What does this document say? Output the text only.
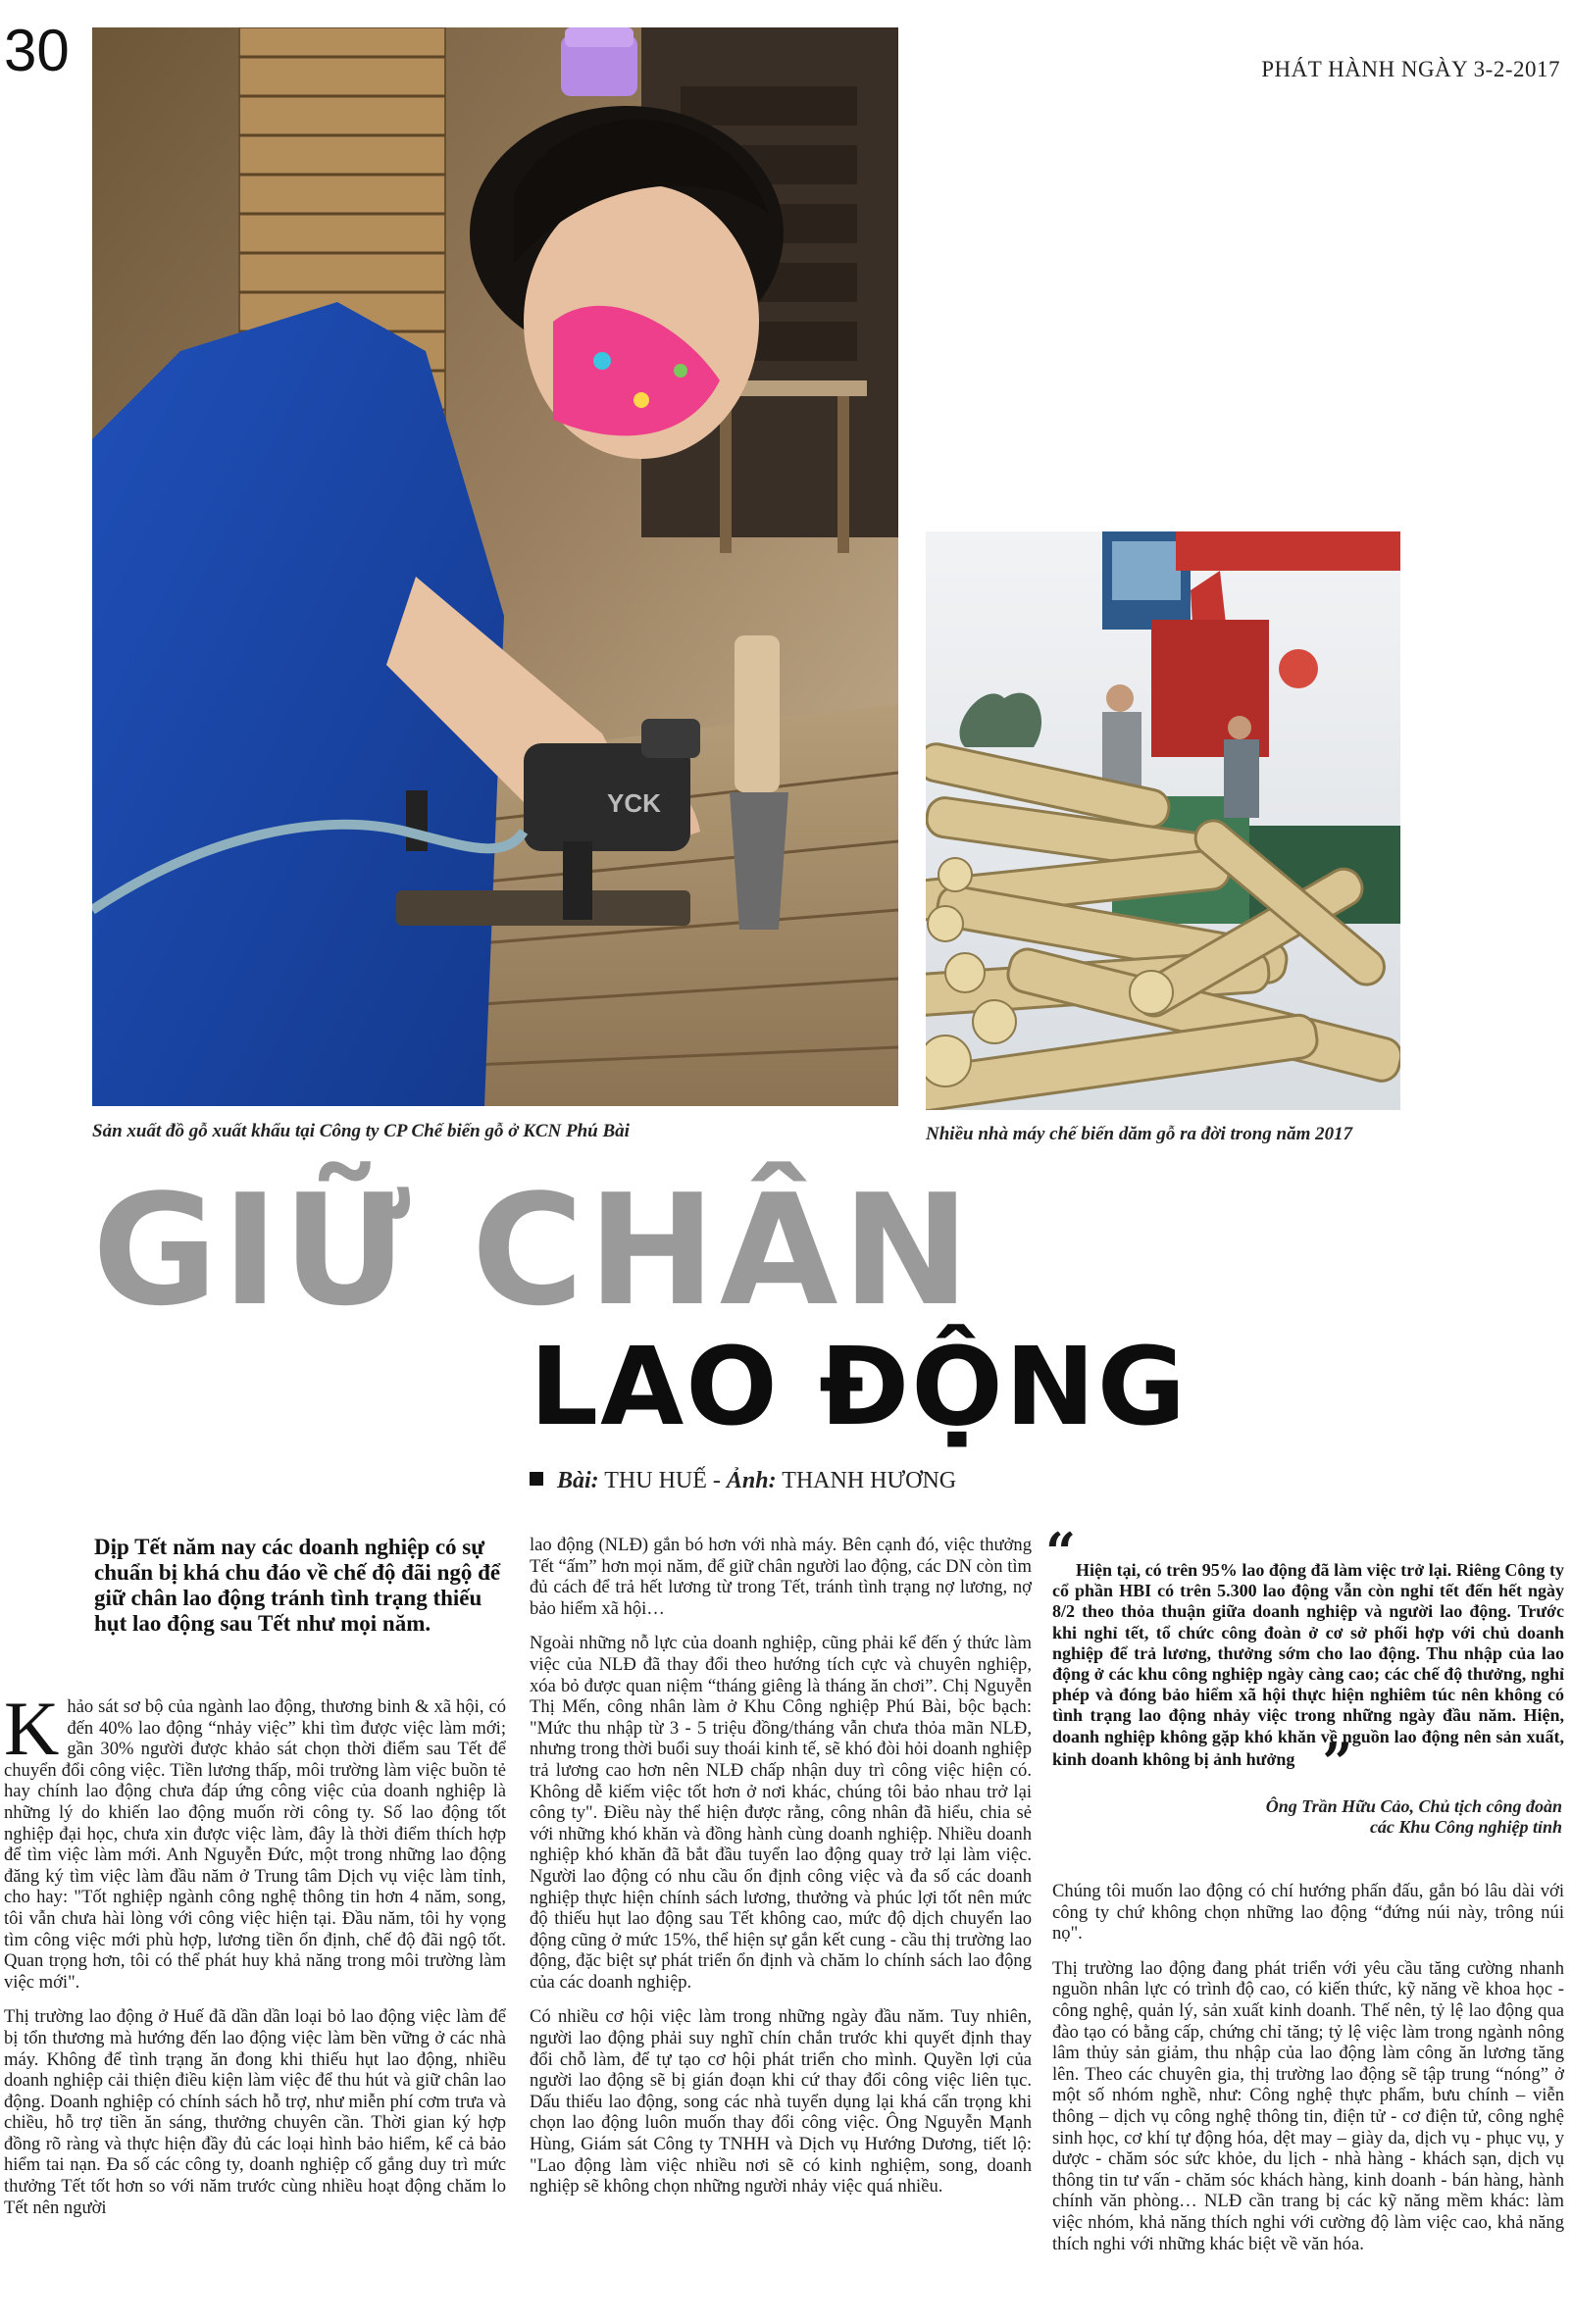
30	PHÁT HÀNH NGÀY 3-2-2017
YCK
Sản xuất đồ gỗ xuất khẩu tại Công ty CP Chế biến gỗ ở KCN Phú Bài	Nhiều nhà máy chế biến dăm gỗ ra đời trong năm 2017
GIỮ CHÂN
LAO ĐỘNG
Bài: THU HUẾ - Ảnh: THANH HƯƠNG
Dịp Tết năm nay các doanh nghiệp có sự chuẩn bị khá chu đáo về chế độ đãi ngộ để giữ chân lao động tránh tình trạng thiếu hụt lao động sau Tết như mọi năm.

Khảo sát sơ bộ của ngành lao động, thương binh & xã hội, có đến 40% lao động “nhảy việc” khi tìm được việc làm mới; gần 30% người được khảo sát chọn thời điểm sau Tết để chuyển đổi công việc. Tiền lương thấp, môi trường làm việc buồn tẻ hay chính lao động chưa đáp ứng công việc của doanh nghiệp là những lý do khiến lao động muốn rời công ty. Số lao động tốt nghiệp đại học, chưa xin được việc làm, đây là thời điểm thích hợp để tìm việc làm mới. Anh Nguyễn Đức, một trong những lao động đăng ký tìm việc làm đầu năm ở Trung tâm Dịch vụ việc làm tỉnh, cho hay: "Tốt nghiệp ngành công nghệ thông tin hơn 4 năm, song, tôi vẫn chưa hài lòng với công việc hiện tại. Đầu năm, tôi hy vọng tìm công việc mới phù hợp, lương tiền ổn định, chế độ đãi ngộ tốt. Quan trọng hơn, tôi có thể phát huy khả năng trong môi trường làm việc mới".

Thị trường lao động ở Huế đã dần dần loại bỏ lao động việc làm để bị tổn thương mà hướng đến lao động việc làm bền vững ở các nhà máy. Không để tình trạng ăn đong khi thiếu hụt lao động, nhiều doanh nghiệp cải thiện điều kiện làm việc để thu hút và giữ chân lao động. Doanh nghiệp có chính sách hỗ trợ, như miễn phí cơm trưa và chiều, hỗ trợ tiền ăn sáng, thưởng chuyên cần. Thời gian ký hợp đồng rõ ràng và thực hiện đầy đủ các loại hình bảo hiểm, kể cả bảo hiểm tai nạn. Đa số các công ty, doanh nghiệp cố gắng duy trì mức thưởng Tết tốt hơn so với năm trước cùng nhiều hoạt động chăm lo Tết nên người

lao động (NLĐ) gắn bó hơn với nhà máy. Bên cạnh đó, việc thưởng Tết “ấm” hơn mọi năm, để giữ chân người lao động, các DN còn tìm đủ cách để trả hết lương từ trong Tết, tránh tình trạng nợ lương, nợ bảo hiểm xã hội…

Ngoài những nỗ lực của doanh nghiệp, cũng phải kể đến ý thức làm việc của NLĐ đã thay đổi theo hướng tích cực và chuyên nghiệp, xóa bỏ được quan niệm “tháng giêng là tháng ăn chơi”. Chị Nguyễn Thị Mến, công nhân làm ở Khu Công nghiệp Phú Bài, bộc bạch: "Mức thu nhập từ 3 - 5 triệu đồng/tháng vẫn chưa thỏa mãn NLĐ, nhưng trong thời buổi suy thoái kinh tế, sẽ khó đòi hỏi doanh nghiệp trả lương cao hơn nên NLĐ chấp nhận duy trì công việc hiện có. Không dễ kiếm việc tốt hơn ở nơi khác, chúng tôi bảo nhau trở lại công ty". Điều này thể hiện được rằng, công nhân đã hiểu, chia sẻ với những khó khăn và đồng hành cùng doanh nghiệp. Nhiều doanh nghiệp khó khăn đã bắt đầu tuyển lao động quay trở lại làm việc. Người lao động có nhu cầu ổn định công việc và đa số các doanh nghiệp thực hiện chính sách lương, thưởng và phúc lợi tốt nên mức độ thiếu hụt lao động sau Tết không cao, mức độ dịch chuyển lao động cũng ở mức 15%, thể hiện sự gắn kết cung - cầu thị trường lao động, đặc biệt sự phát triển ổn định và chăm lo chính sách lao động của các doanh nghiệp.

Có nhiều cơ hội việc làm trong những ngày đầu năm. Tuy nhiên, người lao động phải suy nghĩ chín chắn trước khi quyết định thay đổi chỗ làm, để tự tạo cơ hội phát triển cho mình. Quyền lợi của người lao động sẽ bị gián đoạn khi cứ thay đổi công việc liên tục. Dấu thiếu lao động, song các nhà tuyển dụng lại khá cẩn trọng khi chọn lao động luôn muốn thay đổi công việc. Ông Nguyễn Mạnh Hùng, Giám sát Công ty TNHH và Dịch vụ Hướng Dương, tiết lộ: "Lao động làm việc nhiều nơi sẽ có kinh nghiệm, song, doanh nghiệp sẽ không chọn những người nhảy việc quá nhiều.

“ Hiện tại, có trên 95% lao động đã làm việc trở lại. Riêng Công ty cổ phần HBI có trên 5.300 lao động vẫn còn nghỉ tết đến hết ngày 8/2 theo thỏa thuận giữa doanh nghiệp và người lao động. Trước khi nghỉ tết, tổ chức công đoàn ở cơ sở phối hợp với chủ doanh nghiệp để trả lương, thưởng sớm cho lao động. Thu nhập của lao động ở các khu công nghiệp ngày càng cao; các chế độ thưởng, nghỉ phép và đóng bảo hiểm xã hội thực hiện nghiêm túc nên không có tình trạng lao động nhảy việc trong những ngày đầu năm. Hiện, doanh nghiệp không gặp khó khăn về nguồn lao động nên sản xuất, kinh doanh không bị ảnh hưởng ”
Ông Trần Hữu Cảo, Chủ tịch công đoàn
các Khu Công nghiệp tỉnh

Chúng tôi muốn lao động có chí hướng phấn đấu, gắn bó lâu dài với công ty chứ không chọn những lao động “đứng núi này, trông núi nọ".

Thị trường lao động đang phát triển với yêu cầu tăng cường nhanh nguồn nhân lực có trình độ cao, có kiến thức, kỹ năng về khoa học - công nghệ, quản lý, sản xuất kinh doanh. Thế nên, tỷ lệ lao động qua đào tạo có bằng cấp, chứng chỉ tăng; tỷ lệ việc làm trong ngành nông lâm thủy sản giảm, thu nhập của lao động làm công ăn lương tăng lên. Theo các chuyên gia, thị trường lao động sẽ tập trung “nóng” ở một số nhóm nghề, như: Công nghệ thực phẩm, bưu chính – viễn thông – dịch vụ công nghệ thông tin, điện tử - cơ điện tử, công nghệ sinh học, cơ khí tự động hóa, dệt may – giày da, dịch vụ - phục vụ, y dược - chăm sóc sức khỏe, du lịch - nhà hàng - khách sạn, dịch vụ thông tin tư vấn - chăm sóc khách hàng, kinh doanh - bán hàng, hành chính văn phòng… NLĐ cần trang bị các kỹ năng mềm khác: làm việc nhóm, khả năng thích nghi với cường độ làm việc cao, khả năng thích nghi với những khác biệt về văn hóa.
